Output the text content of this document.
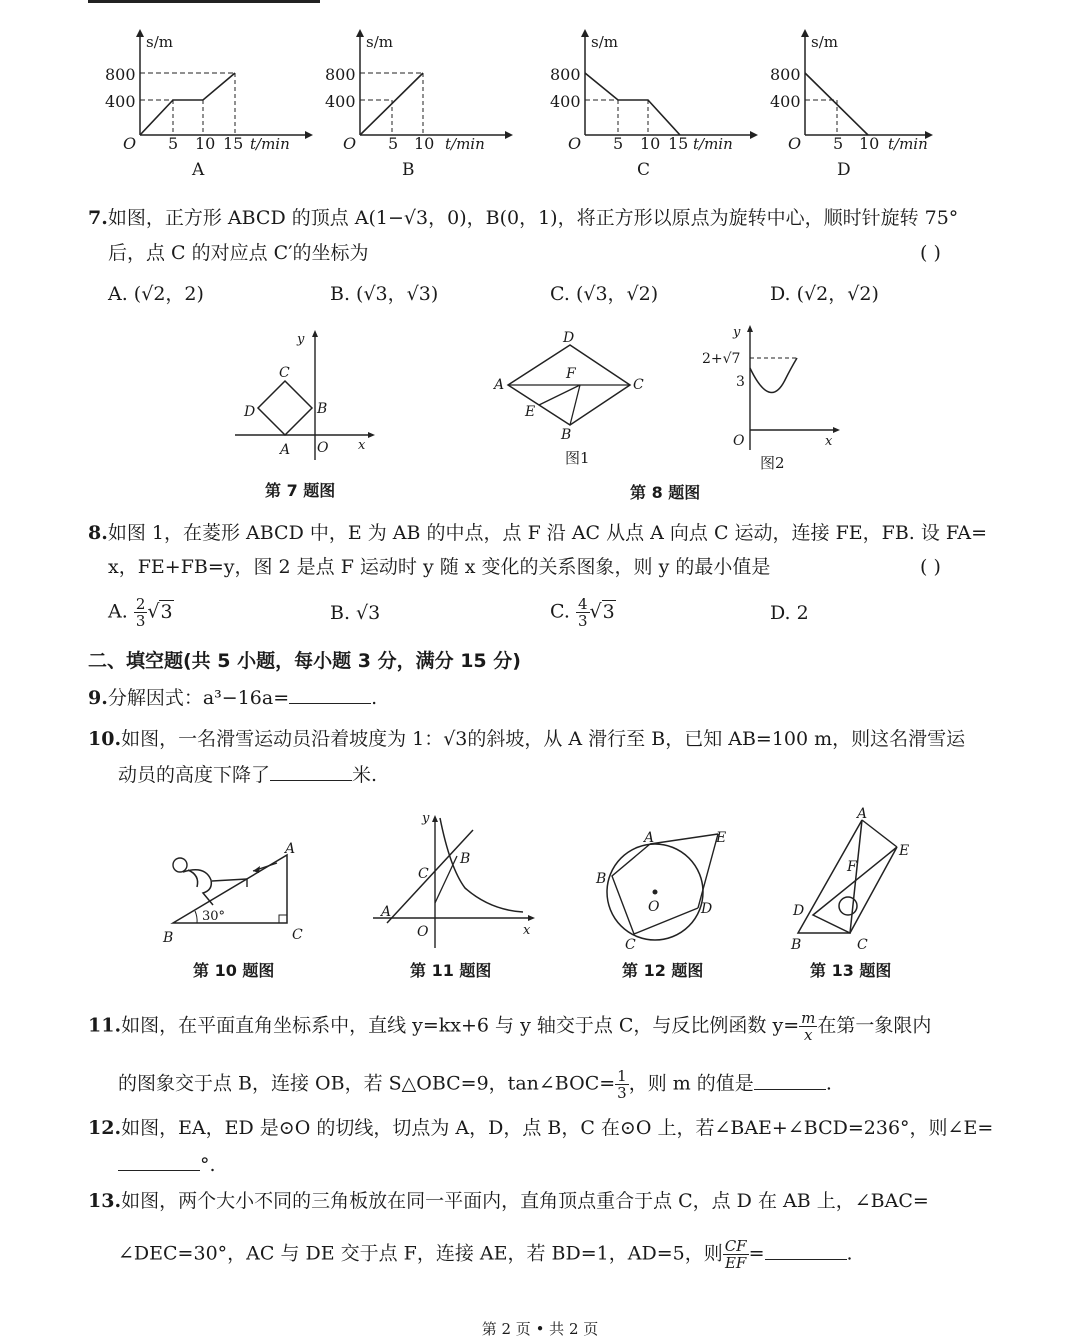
s/m
t/min
O
800
400
5 10 15
A
s/m
t/min
O
800
400
5 10
B
s/m
t/min
O
800
400
5 10 15
C
s/m
t/min
O
800
400
5 10
D
7.如图，正方形 ABCD 的顶点 A(1−√3，0)，B(0，1)，将正方形以原点为旋转中心，顺时针旋转 75°
后，点 C 的对应点 C′的坐标为	( )
A. (√2，2)	B. (√3，√3)	C. (√3，√2)	D. (√2，√2)
y
x
O
A
B
C
D
第 7 题图
D
A	C
F
E
B
图1
y
x
O
2+√7
3
图2
第 8 题图
8.如图 1，在菱形 ABCD 中，E 为 AB 的中点，点 F 沿 AC 从点 A 向点 C 运动，连接 FE，FB. 设 FA=
x，FE+FB=y，图 2 是点 F 运动时 y 随 x 变化的关系图象，则 y 的最小值是	( )
A. $\frac{2}{3} √3$	B. √3	C. $\frac{4}{3} √3$	D. 2
二、填空题(共 5 小题，每小题 3 分，满分 15 分)
9.分解因式：a³−16a=	.
10.如图，一名滑雪运动员沿着坡度为 1：√3的斜坡，从 A 滑行至 B，已知 AB=100 m，则这名滑雪运
动员的高度下降了	米.
A
B	C
30°
第 10 题图
y
x
O
A
B
C
第 11 题图
A
B
C
D
E
O
第 12 题图
A
B	C
D
E
F
第 13 题图
11.如图，在平面直角坐标系中，直线 y=kx+6 与 y 轴交于点 C，与反比例函数 $y= \frac{m}{x}$ 在第一象限内
的图象交于点 B，连接 OB，若 S△OBC=9，tan∠BOC= $\frac{1}{3}$ ，则 m 的值是	.
12.如图，EA，ED 是⊙O 的切线，切点为 A，D，点 B，C 在⊙O 上，若∠BAE+∠BCD=236°，则∠E=
°.
13.如图，两个大小不同的三角板放在同一平面内，直角顶点重合于点 C，点 D 在 AB 上，∠BAC=
∠DEC=30°，AC 与 DE 交于点 F，连接 AE，若 BD=1，AD=5，则 $\frac{CF}{EF}$ =	.
第 2 页 • 共 2 页
